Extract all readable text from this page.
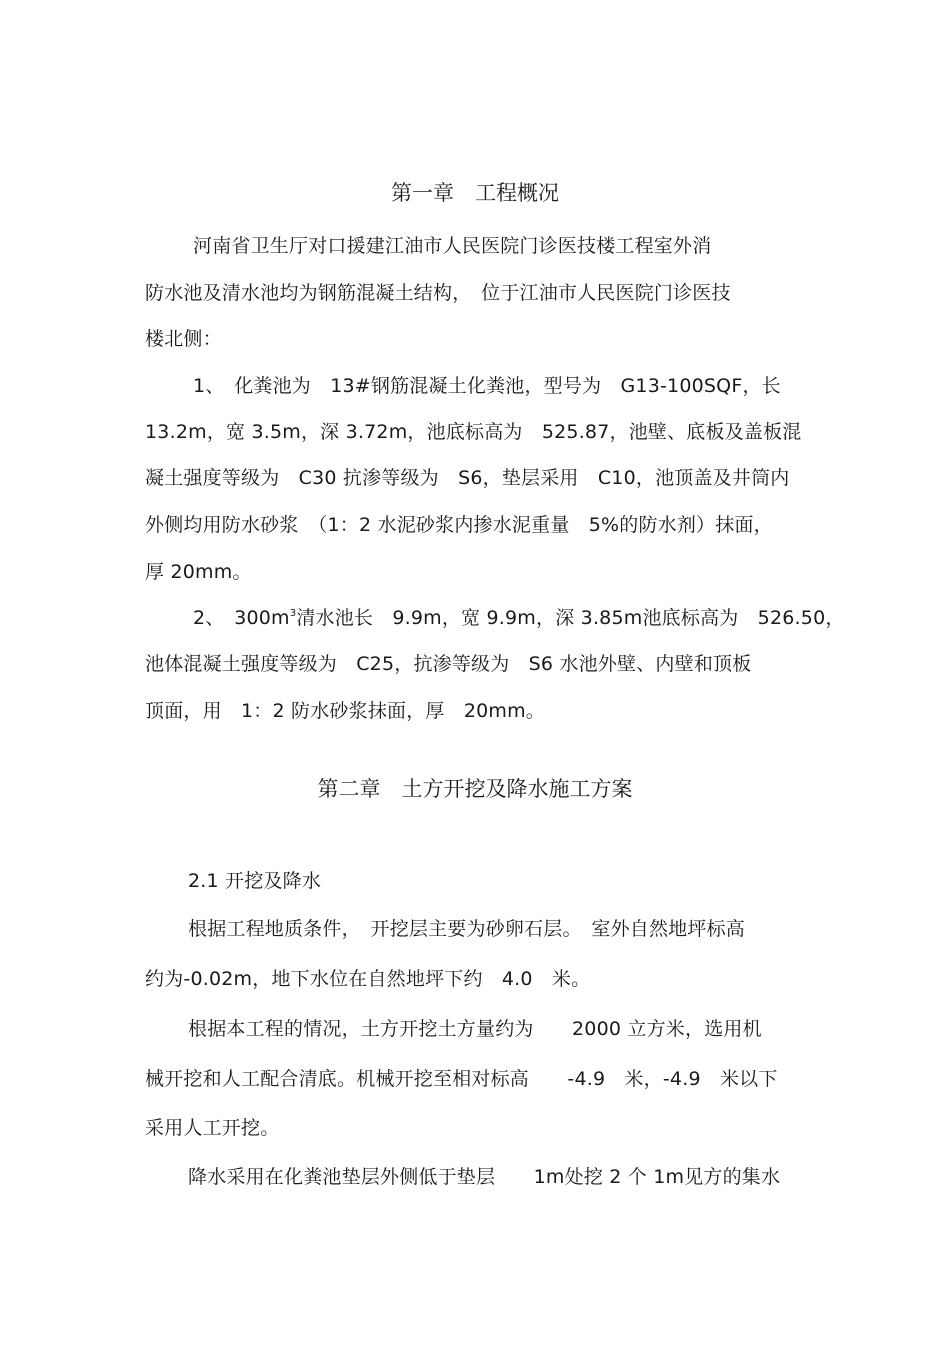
第一章　工程概况
河南省卫生厅对口援建江油市人民医院门诊医技楼工程室外消
防水池及清水池均为钢筋混凝土结构，　位于江油市人民医院门诊医技
楼北侧：
1、　化粪池为　13#钢筋混凝土化粪池，型号为　G13-100SQF，长
13.2m，宽 3.5m，深 3.72m，池底标高为　525.87，池壁、底板及盖板混
凝土强度等级为　C30 抗渗等级为　S6，垫层采用　C10，池顶盖及井筒内
外侧均用防水砂浆　（1：2 水泥砂浆内掺水泥重量　5%的防水剂）抹面，
厚 20mm。
2、　$300m^3$清水池长　9.9m，宽 9.9m，深 3.85m池底标高为　526.50，
池体混凝土强度等级为　C25，抗渗等级为　S6 水池外壁、内壁和顶板
顶面，用　1：2 防水砂浆抹面，厚　20mm。
第二章　土方开挖及降水施工方案
2.1 开挖及降水
根据工程地质条件，　开挖层主要为砂卵石层。　室外自然地坪标高
约为-0.02m，地下水位在自然地坪下约　4.0　米。
根据本工程的情况，土方开挖土方量约为　　2000 立方米，选用机
械开挖和人工配合清底。机械开挖至相对标高　　-4.9　米，-4.9　米以下
采用人工开挖。
降水采用在化粪池垫层外侧低于垫层　　1m处挖 2 个 1m见方的集水
